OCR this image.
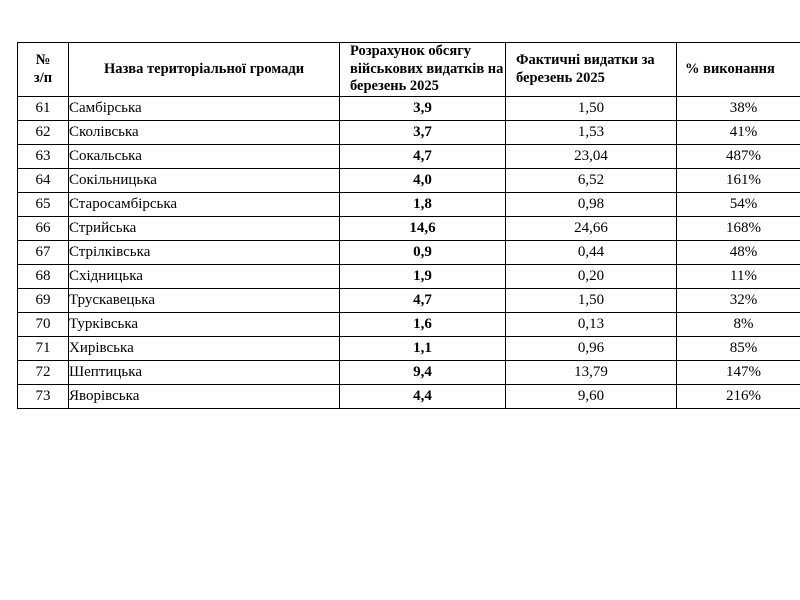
№
з/п	Назва територіальної громади	Розрахунок обсягу військових видатків на березень 2025	Фактичні видатки за березень 2025	% виконання
61	Самбірська	3,9	1,50	38%
62	Сколівська	3,7	1,53	41%
63	Сокальська	4,7	23,04	487%
64	Сокільницька	4,0	6,52	161%
65	Старосамбірська	1,8	0,98	54%
66	Стрийська	14,6	24,66	168%
67	Стрілківська	0,9	0,44	48%
68	Східницька	1,9	0,20	11%
69	Трускавецька	4,7	1,50	32%
70	Турківська	1,6	0,13	8%
71	Хирівська	1,1	0,96	85%
72	Шептицька	9,4	13,79	147%
73	Яворівська	4,4	9,60	216%
